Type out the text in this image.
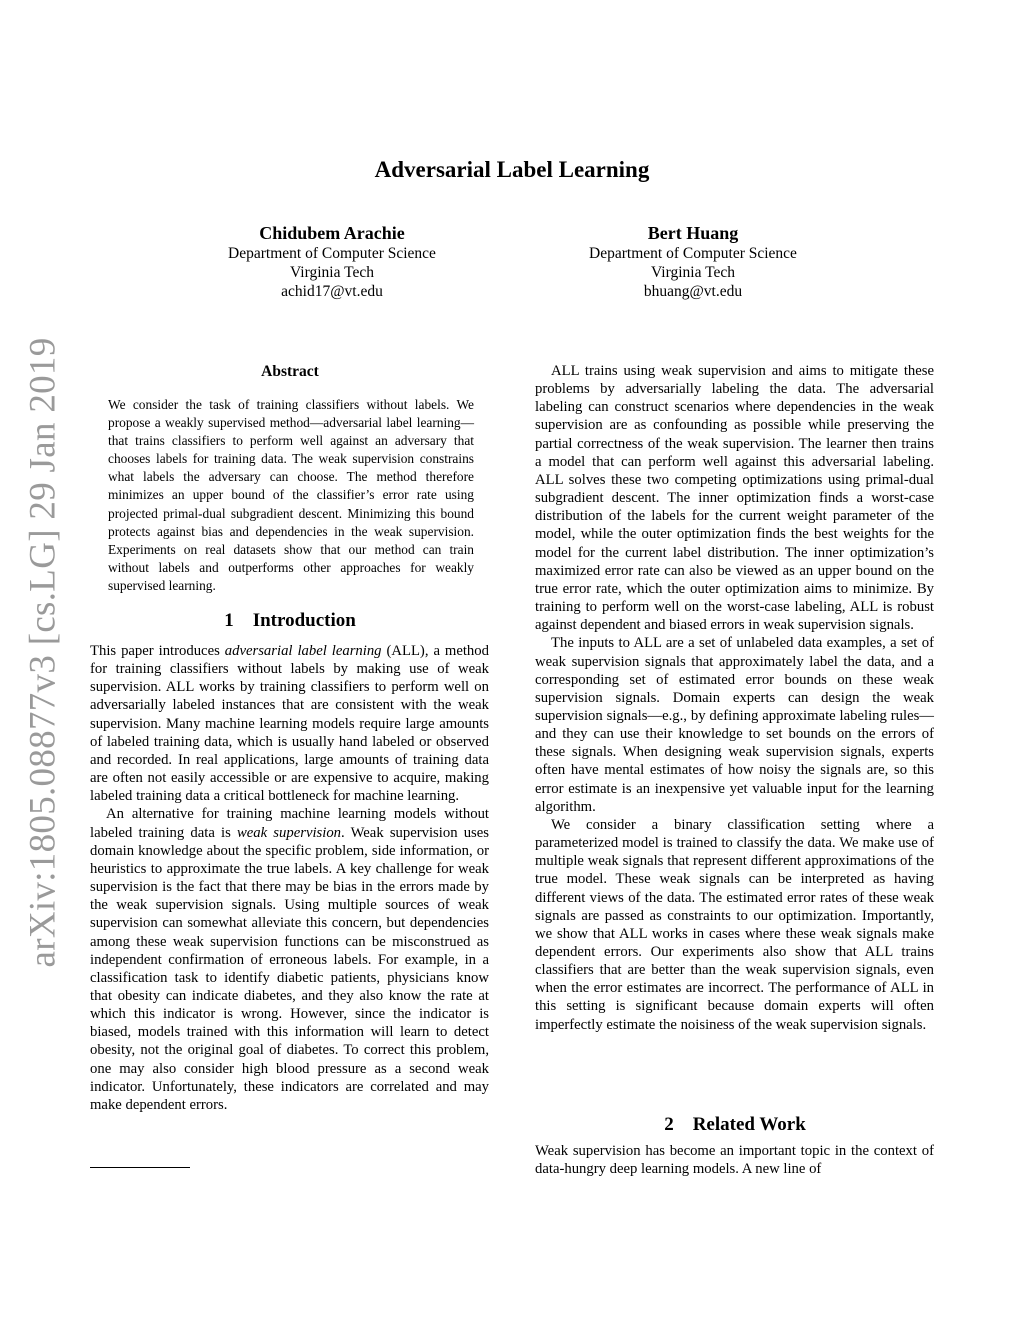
arXiv:1805.08877v3 [cs.LG] 29 Jan 2019
Adversarial Label Learning
Chidubem Arachie
Department of Computer Science
Virginia Tech
achid17@vt.edu
Bert Huang
Department of Computer Science
Virginia Tech
bhuang@vt.edu
Abstract

We consider the task of training classifiers without labels. We propose a weakly supervised method—adversarial label learning—that trains classifiers to perform well against an adversary that chooses labels for training data. The weak supervision constrains what labels the adversary can choose. The method therefore minimizes an upper bound of the classifier’s error rate using projected primal-dual subgradient descent. Minimizing this bound protects against bias and dependencies in the weak supervision. Experiments on real datasets show that our method can train without labels and outperforms other approaches for weakly supervised learning.

1 Introduction

This paper introduces adversarial label learning (ALL), a method for training classifiers without labels by making use of weak supervision. ALL works by training classifiers to perform well on adversarially labeled instances that are consistent with the weak supervision. Many machine learning models require large amounts of labeled training data, which is usually hand labeled or observed and recorded. In real applications, large amounts of training data are often not easily accessible or are expensive to acquire, making labeled training data a critical bottleneck for machine learning.

An alternative for training machine learning models without labeled training data is weak supervision. Weak supervision uses domain knowledge about the specific problem, side information, or heuristics to approximate the true labels. A key challenge for weak supervision is the fact that there may be bias in the errors made by the weak supervision signals. Using multiple sources of weak supervision can somewhat alleviate this concern, but dependencies among these weak supervision functions can be misconstrued as independent confirmation of erroneous labels. For example, in a classification task to identify diabetic patients, physicians know that obesity can indicate diabetes, and they also know the rate at which this indicator is wrong. However, since the indicator is biased, models trained with this information will learn to detect obesity, not the original goal of diabetes. To correct this problem, one may also consider high blood pressure as a second weak indicator. Unfortunately, these indicators are correlated and may make dependent errors.

ALL trains using weak supervision and aims to mitigate these problems by adversarially labeling the data. The adversarial labeling can construct scenarios where dependencies in the weak supervision are as confounding as possible while preserving the partial correctness of the weak supervision. The learner then trains a model that can perform well against this adversarial labeling. ALL solves these two competing optimizations using primal-dual subgradient descent. The inner optimization finds a worst-case distribution of the labels for the current weight parameter of the model, while the outer optimization finds the best weights for the model for the current label distribution. The inner optimization’s maximized error rate can also be viewed as an upper bound on the true error rate, which the outer optimization aims to minimize. By training to perform well on the worst-case labeling, ALL is robust against dependent and biased errors in weak supervision signals.

The inputs to ALL are a set of unlabeled data examples, a set of weak supervision signals that approximately label the data, and a corresponding set of estimated error bounds on these weak supervision signals. Domain experts can design the weak supervision signals—e.g., by defining approximate labeling rules—and they can use their knowledge to set bounds on the errors of these signals. When designing weak supervision signals, experts often have mental estimates of how noisy the signals are, so this error estimate is an inexpensive yet valuable input for the learning algorithm.

We consider a binary classification setting where a parameterized model is trained to classify the data. We make use of multiple weak signals that represent different approximations of the true model. These weak signals can be interpreted as having different views of the data. The estimated error rates of these weak signals are passed as constraints to our optimization. Importantly, we show that ALL works in cases where these weak signals make dependent errors. Our experiments also show that ALL trains classifiers that are better than the weak supervision signals, even when the error estimates are incorrect. The performance of ALL in this setting is significant because domain experts will often imperfectly estimate the noisiness of the weak supervision signals.

2 Related Work

Weak supervision has become an important topic in the context of data-hungry deep learning models. A new line of
